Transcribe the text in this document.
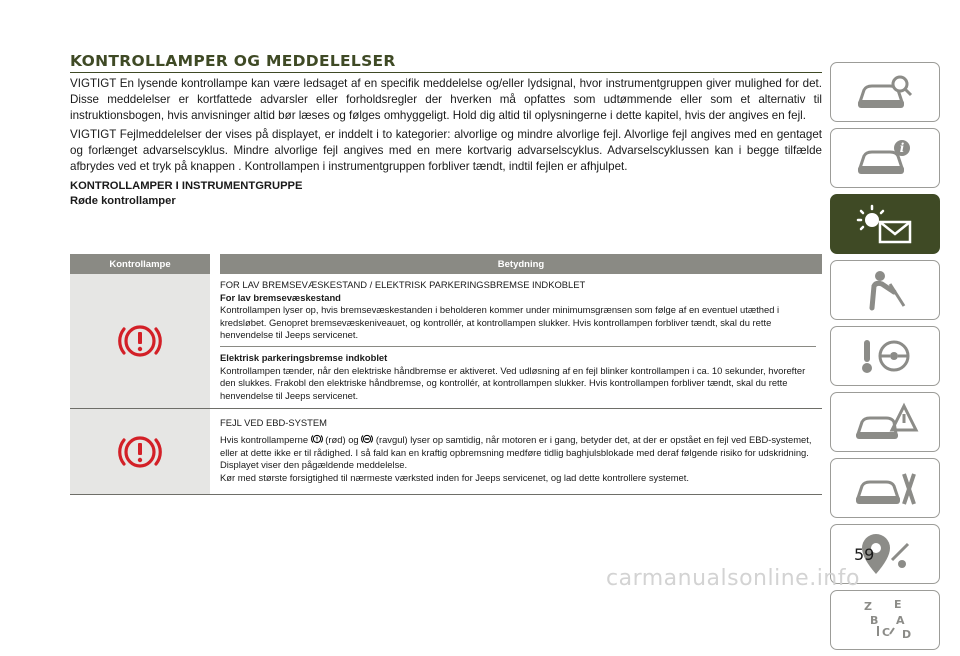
KONTROLLAMPER OG MEDDELELSER

VIGTIGT En lysende kontrollampe kan være ledsaget af en specifik meddelelse og/eller lydsignal, hvor instrumentgruppen giver mulighed for det. Disse meddelelser er kortfattede advarsler eller forholdsregler der hverken må opfattes som udtømmende eller som et alternativ til instruktionsbogen, hvis anvisninger altid bør læses og følges omhyggeligt. Hold dig altid til oplysningerne i dette kapitel, hvis der angives en fejl.

VIGTIGT Fejlmeddelelser der vises på displayet, er inddelt i to kategorier: alvorlige og mindre alvorlige fejl. Alvorlige fejl angives med en gentaget og forlænget advarselscyklus. Mindre alvorlige fejl angives med en mere kortvarig advarselscyklus. Advarselscyklussen kan i begge tilfælde afbrydes ved et tryk på knappen . Kontrollampen i instrumentgruppen forbliver tændt, indtil fejlen er afhjulpet.

KONTROLLAMPER I INSTRUMENTGRUPPE

Røde kontrollamper

Kontrollampe	Betydning

FOR LAV BREMSEVÆSKESTAND / ELEKTRISK PARKERINGSBREMSE INDKOBLET

For lav bremsevæskestand

Kontrollampen lyser op, hvis bremsevæskestanden i beholderen kommer under minimumsgrænsen som følge af en eventuel utæthed i kredsløbet. Genopret bremsevæskeniveauet, og kontrollér, at kontrollampen slukker. Hvis kontrollampen forbliver tændt, skal du rette henvendelse til Jeeps servicenet.

Elektrisk parkeringsbremse indkoblet

Kontrollampen tænder, når den elektriske håndbremse er aktiveret. Ved udløsning af en fejl blinker kontrollampen i ca. 10 sekunder, hvorefter den slukkes. Frakobl den elektriske håndbremse, og kontrollér, at kontrollampen slukker. Hvis kontrollampen forbliver tændt, skal du rette henvendelse til Jeeps servicenet.

FEJL VED EBD-SYSTEM

Hvis kontrollamperne (rød) og (ravgul) lyser op samtidig, når motoren er i gang, betyder det, at der er opstået en fejl ved EBD-systemet, eller at dette ikke er til rådighed. I så fald kan en kraftig opbremsning medføre tidlig baghjulsblokade med deraf følgende risiko for udskridning. Displayet viser den pågældende meddelelse.

Kør med største forsigtighed til nærmeste værksted inden for Jeeps servicenet, og lad dette kontrollere systemet.

i
Z E
B A
C D
59
carmanualsonline.info
